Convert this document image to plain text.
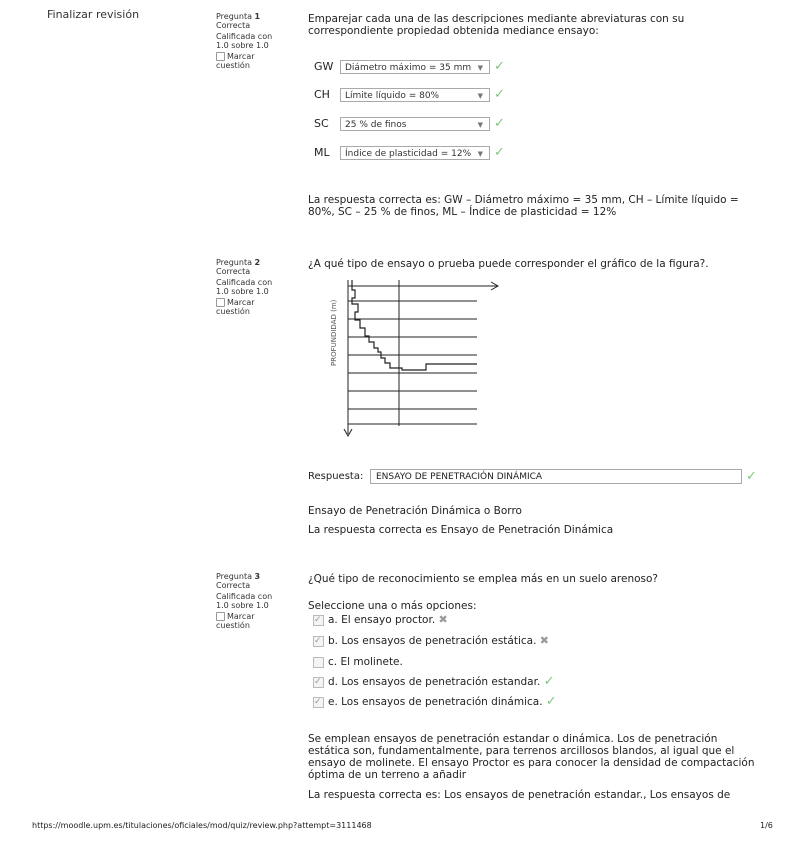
Finalizar revisión	Pregunta 1
Correcta
Calificada con 1.0 sobre 1.0
Marcar cuestión
Emparejar cada una de las descripciones mediante abreviaturas con su correspondiente propiedad obtenida mediance ensayo:
GW	Diámetro máximo = 35 mm ▼ ✓
CH	Límite líquido = 80%	▼ ✓
SC	25 % de finos	▼ ✓
ML	Índice de plasticidad = 12% ▼ ✓
La respuesta correcta es: GW – Diámetro máximo = 35 mm, CH – Límite líquido = 80%, SC – 25 % de finos, ML – Índice de plasticidad = 12%
Pregunta 2
Correcta
Calificada con 1.0 sobre 1.0
Marcar cuestión
¿A qué tipo de ensayo o prueba puede corresponder el gráfico de la figura?.
PROFUNDIDAD (m)
Respuesta:	ENSAYO DE PENETRACIÓN DINÁMICA	✓
Ensayo de Penetración Dinámica o Borro
La respuesta correcta es Ensayo de Penetración Dinámica
Pregunta 3
Correcta
Calificada con 1.0 sobre 1.0
Marcar cuestión
¿Qué tipo de reconocimiento se emplea más en un suelo arenoso?
Seleccione una o más opciones:
✓a. El ensayo proctor. ✖
✓b. Los ensayos de penetración estática. ✖
c. El molinete.
✓d. Los ensayos de penetración estandar. ✓
✓e. Los ensayos de penetración dinámica. ✓
Se emplean ensayos de penetración estandar o dinámica. Los de penetración estática son, fundamentalmente, para terrenos arcillosos blandos, al igual que el ensayo de molinete. El ensayo Proctor es para conocer la densidad de compactación óptima de un terreno a añadir
La respuesta correcta es: Los ensayos de penetración estandar., Los ensayos de
https://moodle.upm.es/titulaciones/oficiales/mod/quiz/review.php?attempt=3111468	1/6
